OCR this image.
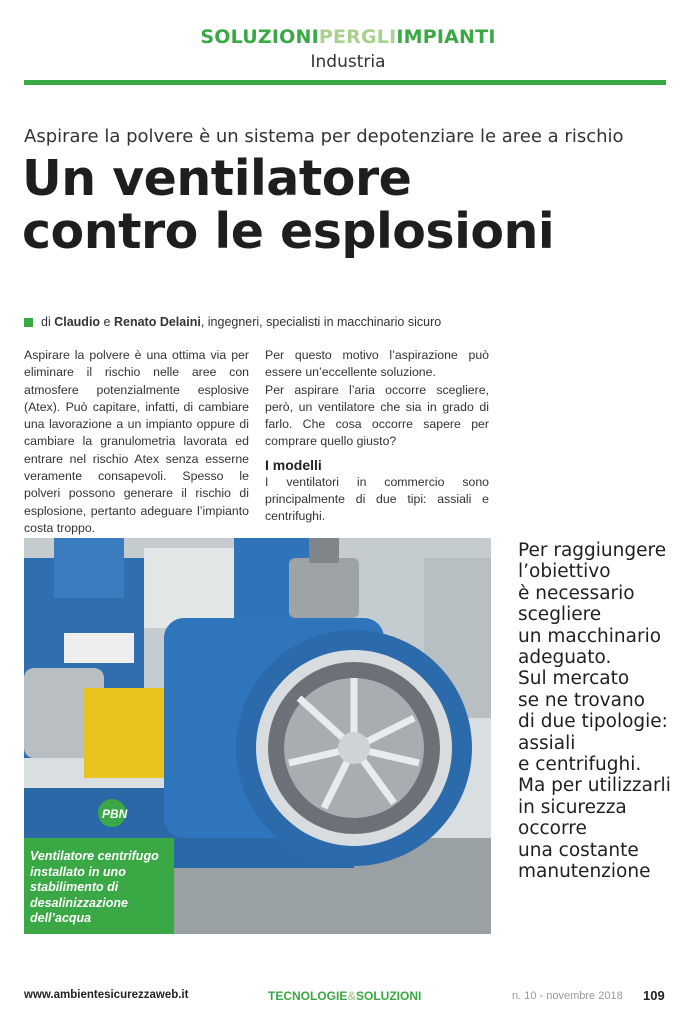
SOLUZIONIPERGLIIMPIANTI
Industria
Aspirare la polvere è un sistema per depotenziare le aree a rischio
Un ventilatore
contro le esplosioni
di
Claudio
e
Renato Delaini , ingegneri, specialisti in macchinario sicuro
Aspirare la polvere è una ottima via per eliminare il rischio nelle aree con atmosfere potenzialmente esplosive (Atex). Può capitare, infatti, di cambiare una lavorazione a un impianto oppure di cambiare la granulometria lavorata ed entrare nel rischio Atex senza esserne veramente consapevoli. Spesso le polveri possono generare il rischio di esplosione, pertanto adeguare l’impianto costa troppo.

Per questo motivo l’aspirazione può essere un’eccellente soluzione.

Per aspirare l’aria occorre scegliere, però, un ventilatore che sia in grado di farlo. Che cosa occorre sapere per comprare quello giusto?

I modelli

I ventilatori in commercio sono principalmente di due tipi: assiali e centrifughi.

PBN
Ventilatore centrifugo installato in uno stabilimento di desalinizzazione dell’acqua
Per raggiungere
l’obiettivo
è necessario
scegliere
un macchinario
adeguato.
Sul mercato
se ne trovano
di due tipologie:
assiali
e centrifughi.
Ma per utilizzarli
in sicurezza
occorre
una costante
manutenzione
www.ambientesicurezzaweb.it	TECNOLOGIE&SOLUZIONI	n. 10 - novembre 2018 109
